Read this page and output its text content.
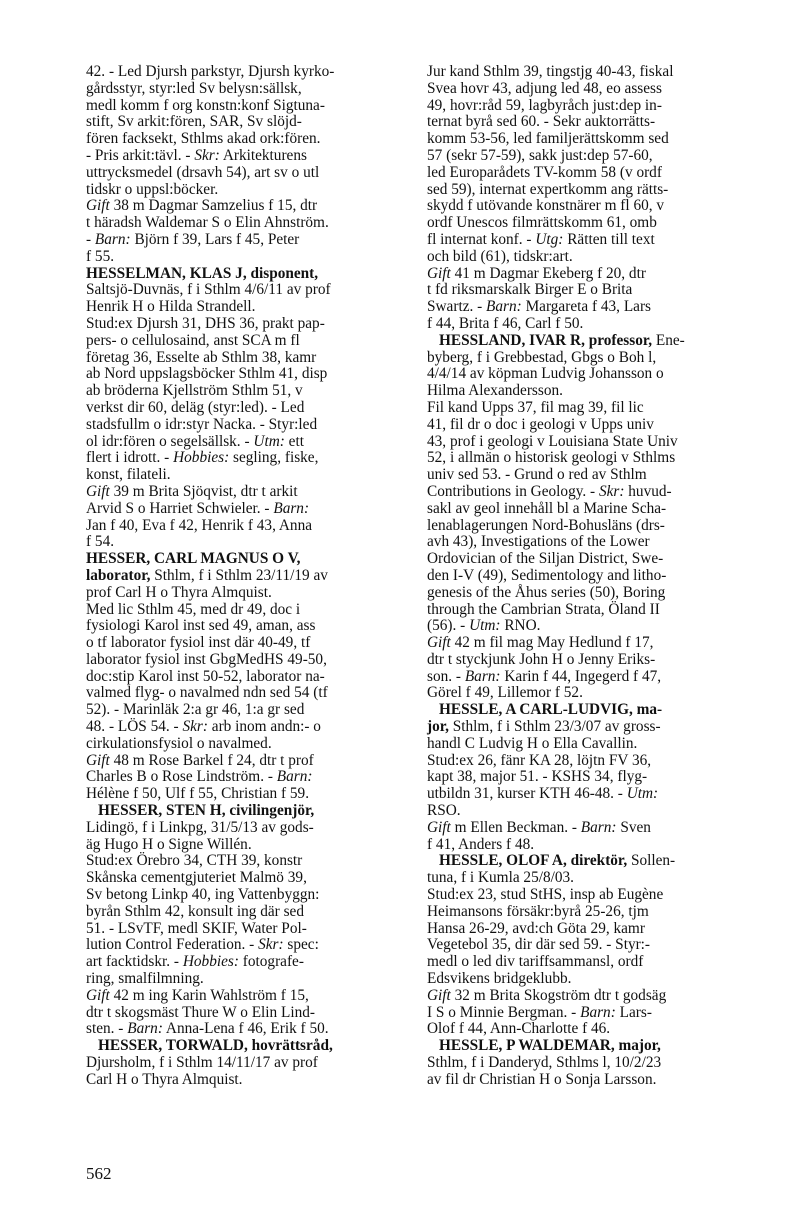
42. - Led Djursh parkstyr, Djursh kyrko-
gårdsstyr, styr:led Sv belysn:sällsk,
medl komm f org konstn:konf Sigtuna-
stift, Sv arkit:fören, SAR, Sv slöjd-
fören facksekt, Sthlms akad ork:fören.
- Pris arkit:tävl. - Skr: Arkitekturens
uttrycksmedel (drsavh 54), art sv o utl
tidskr o uppsl:böcker.
Gift 38 m Dagmar Samzelius f 15, dtr
t häradsh Waldemar S o Elin Ahnström.
- Barn: Björn f 39, Lars f 45, Peter
f 55.
HESSELMAN, KLAS J, disponent,
Saltsjö-Duvnäs, f i Sthlm 4/6/11 av prof
Henrik H o Hilda Strandell.
Stud:ex Djursh 31, DHS 36, prakt pap-
pers- o cellulosaind, anst SCA m fl
företag 36, Esselte ab Sthlm 38, kamr
ab Nord uppslagsböcker Sthlm 41, disp
ab bröderna Kjellström Sthlm 51, v
verkst dir 60, deläg (styr:led). - Led
stadsfullm o idr:styr Nacka. - Styr:led
ol idr:fören o segelsällsk. - Utm: ett
flert i idrott. - Hobbies: segling, fiske,
konst, filateli.
Gift 39 m Brita Sjöqvist, dtr t arkit
Arvid S o Harriet Schwieler. - Barn:
Jan f 40, Eva f 42, Henrik f 43, Anna
f 54.
HESSER, CARL MAGNUS O V,
laborator, Sthlm, f i Sthlm 23/11/19 av
prof Carl H o Thyra Almquist.
Med lic Sthlm 45, med dr 49, doc i
fysiologi Karol inst sed 49, aman, ass
o tf laborator fysiol inst där 40-49, tf
laborator fysiol inst GbgMedHS 49-50,
doc:stip Karol inst 50-52, laborator na-
valmed flyg- o navalmed ndn sed 54 (tf
52). - Marinläk 2:a gr 46, 1:a gr sed
48. - LÖS 54. - Skr: arb inom andn:- o
cirkulationsfysiol o navalmed.
Gift 48 m Rose Barkel f 24, dtr t prof
Charles B o Rose Lindström. - Barn:
Hélène f 50, Ulf f 55, Christian f 59.
HESSER, STEN H, civilingenjör,
Lidingö, f i Linkpg, 31/5/13 av gods-
äg Hugo H o Signe Willén.
Stud:ex Örebro 34, CTH 39, konstr
Skånska cementgjuteriet Malmö 39,
Sv betong Linkp 40, ing Vattenbyggn:
byrån Sthlm 42, konsult ing där sed
51. - LSvTF, medl SKIF, Water Pol-
lution Control Federation. - Skr: spec:
art facktidskr. - Hobbies: fotografe-
ring, smalfilmning.
Gift 42 m ing Karin Wahlström f 15,
dtr t skogsmäst Thure W o Elin Lind-
sten. - Barn: Anna-Lena f 46, Erik f 50.
HESSER, TORWALD, hovrättsråd,
Djursholm, f i Sthlm 14/11/17 av prof
Carl H o Thyra Almquist.
Jur kand Sthlm 39, tingstjg 40-43, fiskal
Svea hovr 43, adjung led 48, eo assess
49, hovr:råd 59, lagbyråch just:dep in-
ternat byrå sed 60. - Sekr auktorrätts-
komm 53-56, led familjerättskomm sed
57 (sekr 57-59), sakk just:dep 57-60,
led Europarådets TV-komm 58 (v ordf
sed 59), internat expertkomm ang rätts-
skydd f utövande konstnärer m fl 60, v
ordf Unescos filmrättskomm 61, omb
fl internat konf. - Utg: Rätten till text
och bild (61), tidskr:art.
Gift 41 m Dagmar Ekeberg f 20, dtr
t fd riksmarskalk Birger E o Brita
Swartz. - Barn: Margareta f 43, Lars
f 44, Brita f 46, Carl f 50.
HESSLAND, IVAR R, professor, Ene-
byberg, f i Grebbestad, Gbgs o Boh l,
4/4/14 av köpman Ludvig Johansson o
Hilma Alexandersson.
Fil kand Upps 37, fil mag 39, fil lic
41, fil dr o doc i geologi v Upps univ
43, prof i geologi v Louisiana State Univ
52, i allmän o historisk geologi v Sthlms
univ sed 53. - Grund o red av Sthlm
Contributions in Geology. - Skr: huvud-
sakl av geol innehåll bl a Marine Scha-
lenablagerungen Nord-Bohusläns (drs-
avh 43), Investigations of the Lower
Ordovician of the Siljan District, Swe-
den I-V (49), Sedimentology and litho-
genesis of the Åhus series (50), Boring
through the Cambrian Strata, Öland II
(56). - Utm: RNO.
Gift 42 m fil mag May Hedlund f 17,
dtr t styckjunk John H o Jenny Eriks-
son. - Barn: Karin f 44, Ingegerd f 47,
Görel f 49, Lillemor f 52.
HESSLE, A CARL-LUDVIG, ma-
jor, Sthlm, f i Sthlm 23/3/07 av gross-
handl C Ludvig H o Ella Cavallin.
Stud:ex 26, fänr KA 28, löjtn FV 36,
kapt 38, major 51. - KSHS 34, flyg-
utbildn 31, kurser KTH 46-48. - Utm:
RSO.
Gift m Ellen Beckman. - Barn: Sven
f 41, Anders f 48.
HESSLE, OLOF A, direktör, Sollen-
tuna, f i Kumla 25/8/03.
Stud:ex 23, stud StHS, insp ab Eugène
Heimansons försäkr:byrå 25-26, tjm
Hansa 26-29, avd:ch Göta 29, kamr
Vegetebol 35, dir där sed 59. - Styr:-
medl o led div tariffsammansl, ordf
Edsvikens bridgeklubb.
Gift 32 m Brita Skogström dtr t godsäg
I S o Minnie Bergman. - Barn: Lars-
Olof f 44, Ann-Charlotte f 46.
HESSLE, P WALDEMAR, major,
Sthlm, f i Danderyd, Sthlms l, 10/2/23
av fil dr Christian H o Sonja Larsson.
562
